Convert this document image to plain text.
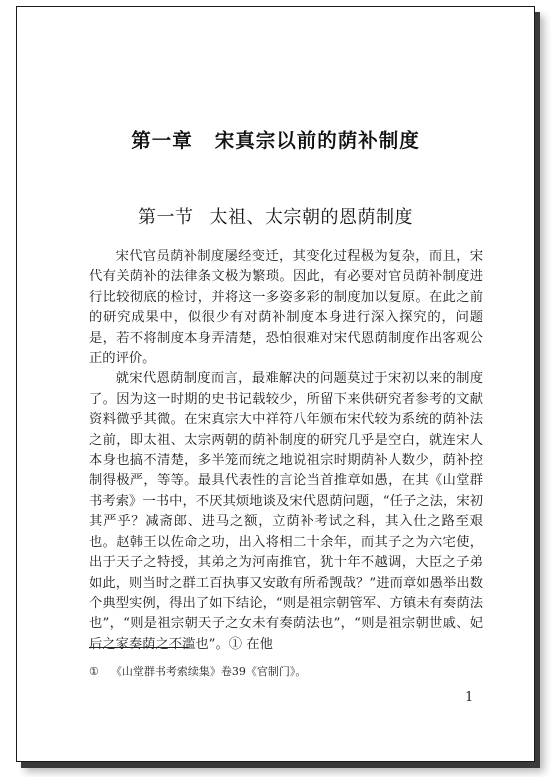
第一章 宋真宗以前的荫补制度
第一节 太祖、太宗朝的恩荫制度

宋代官员荫补制度屡经变迁，其变化过程极为复杂，而且，宋代有关荫补的法律条文极为繁琐。因此，有必要对官员荫补制度进行比较彻底的检讨，并将这一多姿多彩的制度加以复原。在此之前的研究成果中，似很少有对荫补制度本身进行深入探究的，问题是，若不将制度本身弄清楚，恐怕很难对宋代恩荫制度作出客观公正的评价。

就宋代恩荫制度而言，最难解决的问题莫过于宋初以来的制度了。因为这一时期的史书记载较少，所留下来供研究者参考的文献资料微乎其微。在宋真宗大中祥符八年颁布宋代较为系统的荫补法之前，即太祖、太宗两朝的荫补制度的研究几乎是空白，就连宋人本身也搞不清楚，多半笼而统之地说祖宗时期荫补人数少，荫补控制得极严，等等。最具代表性的言论当首推章如愚，在其《山堂群书考索》一书中，不厌其烦地谈及宋代恩荫问题，“任子之法，宋初其严乎？减斋郎、进马之额，立荫补考试之科，其入仕之路至艰也。赵韩王以佐命之功，出入将相二十余年，而其子之为六宅使，出于天子之特授，其弟之为河南推官，犹十年不越调，大臣之子弟如此，则当时之群工百执事又安敢有所希觊哉？”进而章如愚举出数个典型实例，得出了如下结论，“则是祖宗朝管军、方镇未有奏荫法也”，“则是祖宗朝天子之女未有奏荫法也”，“则是祖宗朝世戚、妃后之家奏荫之不滥也”。① 在他

① 《山堂群书考索续集》卷39《官制门》。
1
